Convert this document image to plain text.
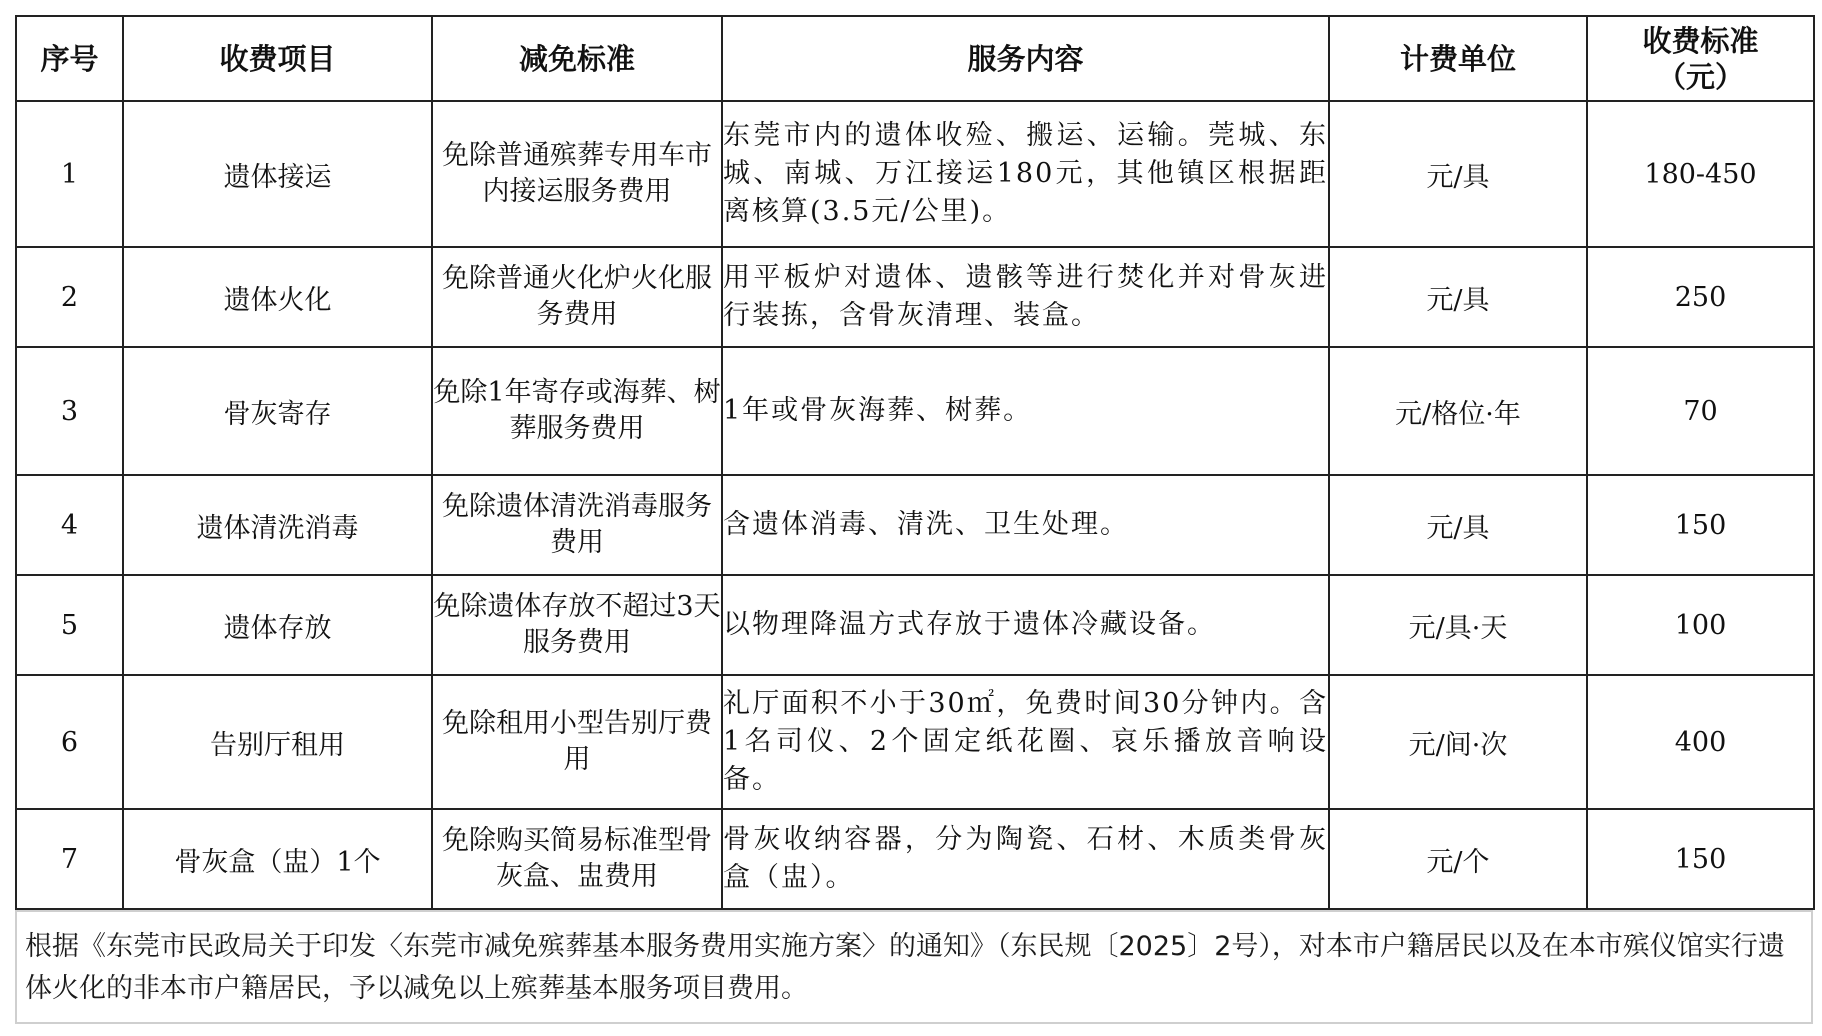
序号	收费项目	减免标准	服务内容	计费单位	收费标准（元）
1	遗体接运	免除普通殡葬专用车市内接运服务费用	东莞市内的遗体收殓、搬运、运输。莞城、东城、南城、万江接运180元，其他镇区根据距离核算(3.5元/公里)。	元/具	180-450
2	遗体火化	免除普通火化炉火化服务费用	用平板炉对遗体、遗骸等进行焚化并对骨灰进行装拣，含骨灰清理、装盒。	元/具	250
3	骨灰寄存	免除1年寄存或海葬、树葬服务费用	1年或骨灰海葬、树葬。	元/格位·年	70
4	遗体清洗消毒	免除遗体清洗消毒服务费用	含遗体消毒、清洗、卫生处理。	元/具	150
5	遗体存放	免除遗体存放不超过3天服务费用	以物理降温方式存放于遗体冷藏设备。	元/具·天	100
6	告别厅租用	免除租用小型告别厅费用	礼厅面积不小于30㎡，免费时间30分钟内。含1名司仪、2个固定纸花圈、哀乐播放音响设备。	元/间·次	400
7	骨灰盒（盅）1个	免除购买简易标准型骨灰盒、盅费用	骨灰收纳容器，分为陶瓷、石材、木质类骨灰盒（盅）。	元/个	150
根据《东莞市民政局关于印发〈东莞市减免殡葬基本服务费用实施方案〉的通知》（东民规〔2025〕2号），对本市户籍居民以及在本市殡仪馆实行遗体火化的非本市户籍居民，予以减免以上殡葬基本服务项目费用。
